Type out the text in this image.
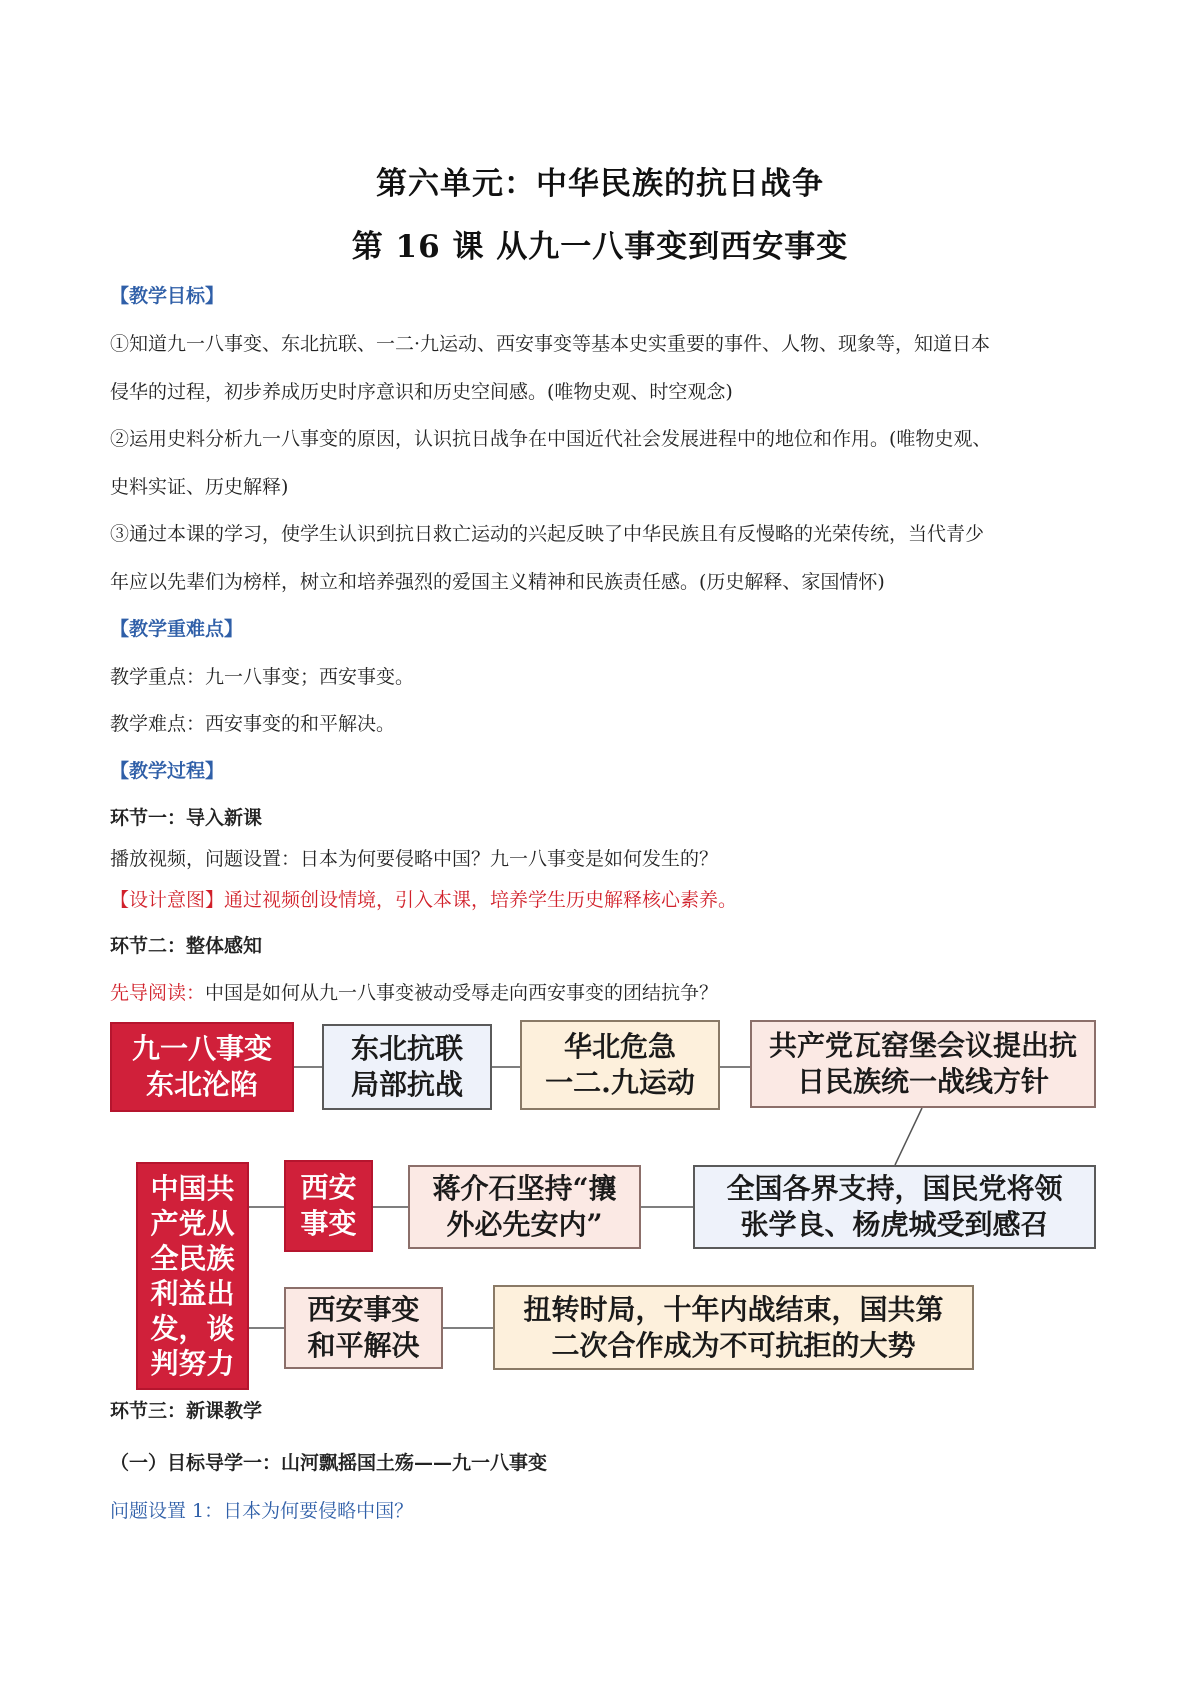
第六单元：中华民族的抗日战争
第 16 课 从九一八事变到西安事变
【教学目标】
①知道九一八事变、东北抗联、一二·九运动、西安事变等基本史实重要的事件、人物、现象等，知道日本
侵华的过程，初步养成历史时序意识和历史空间感。(唯物史观、时空观念)
②运用史料分析九一八事变的原因，认识抗日战争在中国近代社会发展进程中的地位和作用。(唯物史观、
史料实证、历史解释)
③通过本课的学习，使学生认识到抗日救亡运动的兴起反映了中华民族且有反慢略的光荣传统，当代青少
年应以先辈们为榜样，树立和培养强烈的爱国主义精神和民族责任感。(历史解释、家国情怀)
【教学重难点】
教学重点：九一八事变；西安事变。
教学难点：西安事变的和平解决。
【教学过程】
环节一：导入新课
播放视频，问题设置：日本为何要侵略中国？九一八事变是如何发生的？
【设计意图】通过视频创设情境，引入本课，培养学生历史解释核心素养。
环节二：整体感知
先导阅读：中国是如何从九一八事变被动受辱走向西安事变的团结抗争？
九一八事变
东北沦陷
东北抗联
局部抗战
华北危急
一二.九运动
共产党瓦窑堡会议提出抗
日民族统一战线方针
全国各界支持，国民党将领
张学良、杨虎城受到感召
蒋介石坚持“攘
外必先安内”
西安
事变
中国共
产党从
全民族
利益出
发，谈
判努力
西安事变
和平解决
扭转时局，十年内战结束，国共第
二次合作成为不可抗拒的大势
环节三：新课教学
（一）目标导学一：山河飘摇国土殇——九一八事变
问题设置 1：日本为何要侵略中国？
